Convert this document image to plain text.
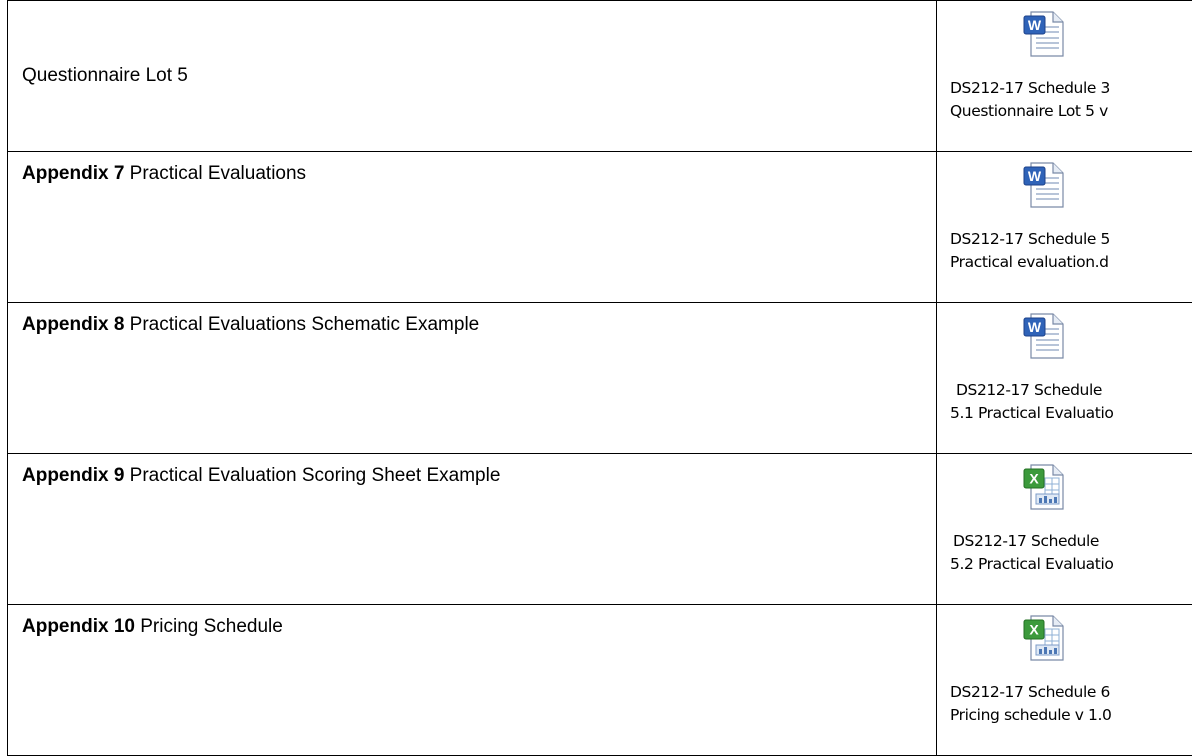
Questionnaire Lot 5	W
DS212-17 Schedule 3
Questionnaire Lot 5 v

Appendix 7 Practical Evaluations	W
DS212-17 Schedule 5
Practical evaluation.d

Appendix 8 Practical Evaluations Schematic Example	W
DS212-17 Schedule
5.1 Practical Evaluatio

Appendix 9 Practical Evaluation Scoring Sheet Example	X
DS212-17 Schedule
5.2 Practical Evaluatio

Appendix 10 Pricing Schedule	X
DS212-17 Schedule 6
Pricing schedule v 1.0
